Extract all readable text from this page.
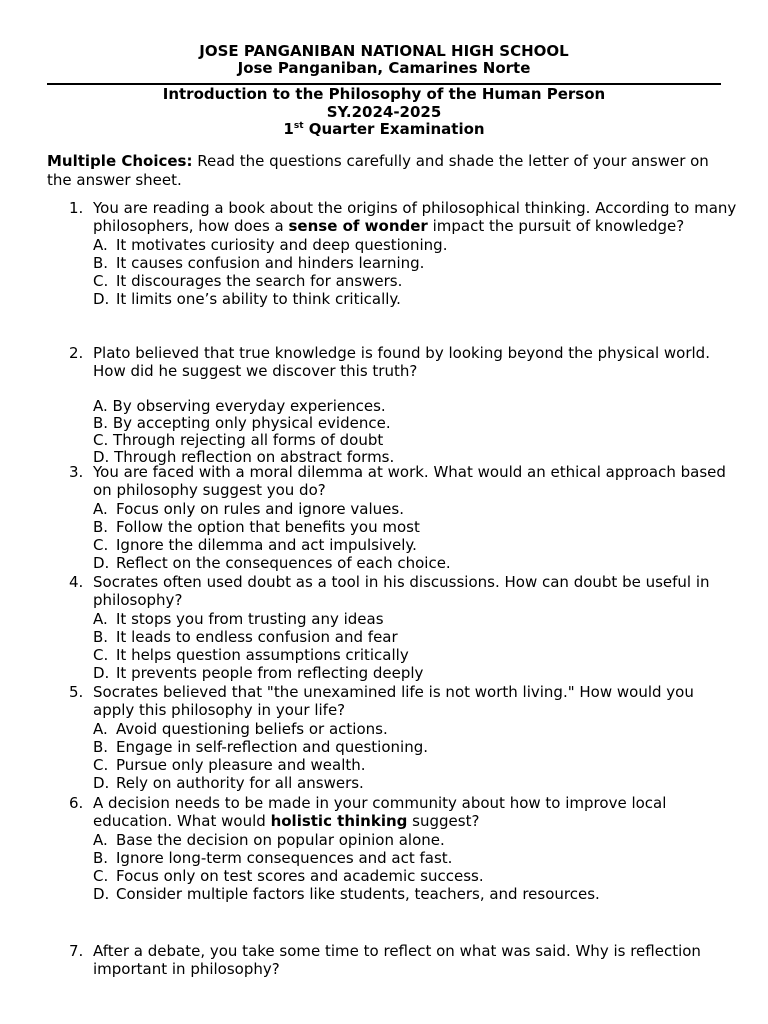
JOSE PANGANIBAN NATIONAL HIGH SCHOOL
Jose Panganiban, Camarines Norte
Introduction to the Philosophy of the Human Person
SY.2024-2025
1st Quarter Examination
Multiple Choices: Read the questions carefully and shade the letter of your answer on the answer sheet.
1. You are reading a book about the origins of philosophical thinking. According to many philosophers, how does a sense of wonder impact the pursuit of knowledge?
A. It motivates curiosity and deep questioning.
B. It causes confusion and hinders learning.
C. It discourages the search for answers.
D. It limits one’s ability to think critically.
2. Plato believed that true knowledge is found by looking beyond the physical world. How did he suggest we discover this truth?
A. By observing everyday experiences.
B. By accepting only physical evidence.
C. Through rejecting all forms of doubt
D. Through reflection on abstract forms.
3. You are faced with a moral dilemma at work. What would an ethical approach based on philosophy suggest you do?
A. Focus only on rules and ignore values.
B. Follow the option that benefits you most
C. Ignore the dilemma and act impulsively.
D. Reflect on the consequences of each choice.
4. Socrates often used doubt as a tool in his discussions. How can doubt be useful in philosophy?
A. It stops you from trusting any ideas
B. It leads to endless confusion and fear
C. It helps question assumptions critically
D. It prevents people from reflecting deeply
5. Socrates believed that "the unexamined life is not worth living." How would you apply this philosophy in your life?
A. Avoid questioning beliefs or actions.
B. Engage in self-reflection and questioning.
C. Pursue only pleasure and wealth.
D. Rely on authority for all answers.
6. A decision needs to be made in your community about how to improve local education. What would holistic thinking suggest?
A. Base the decision on popular opinion alone.
B. Ignore long-term consequences and act fast.
C. Focus only on test scores and academic success.
D. Consider multiple factors like students, teachers, and resources.
7. After a debate, you take some time to reflect on what was said. Why is reflection important in philosophy?
